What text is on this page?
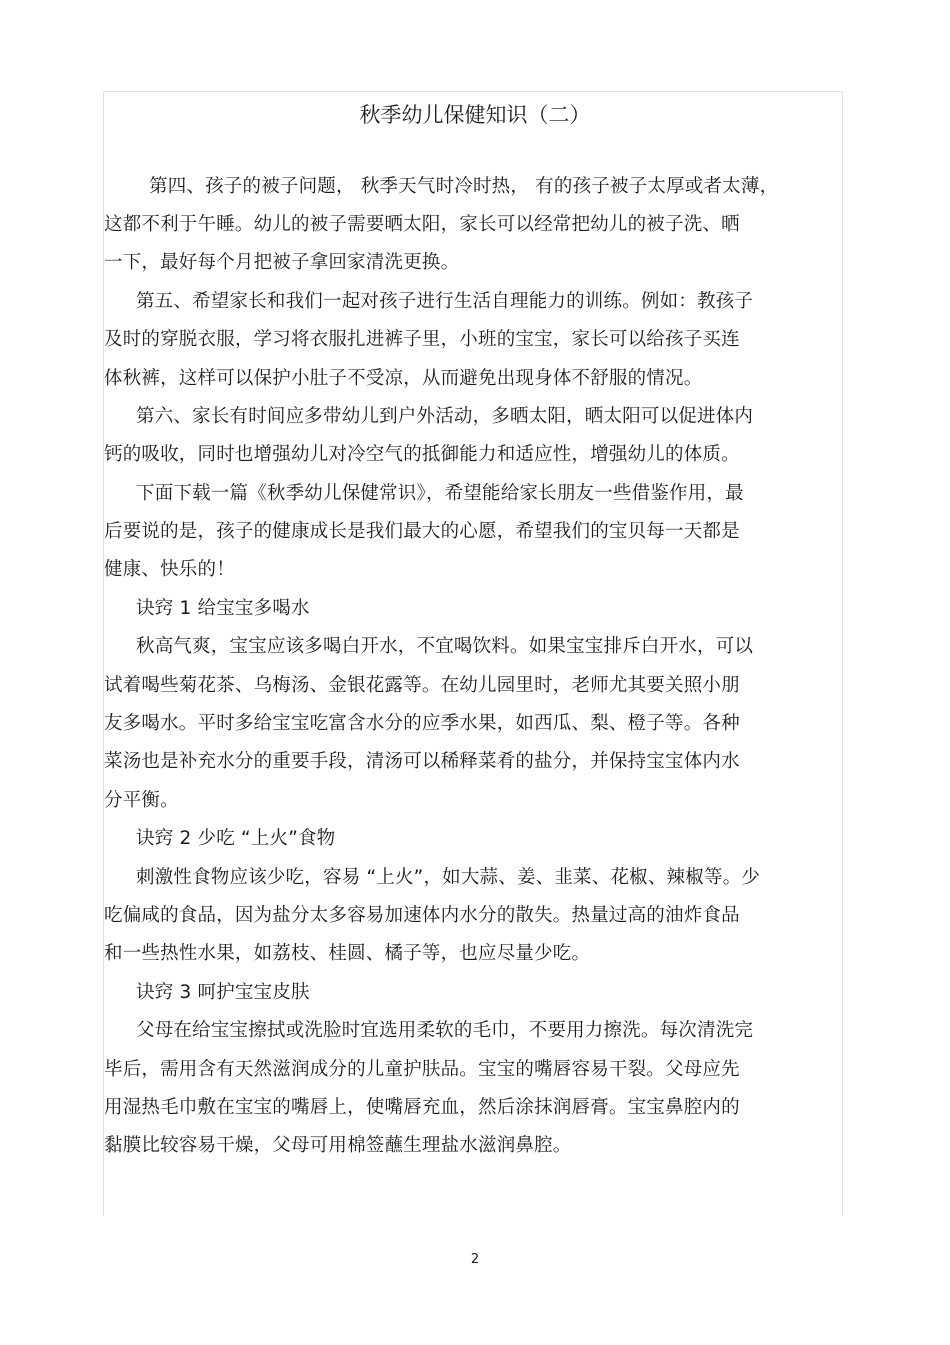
秋季幼儿保健知识（二）
第四、孩子的被子问题， 秋季天气时冷时热， 有的孩子被子太厚或者太薄，
这都不利于午睡。幼儿的被子需要晒太阳，家长可以经常把幼儿的被子洗、晒
一下，最好每个月把被子拿回家清洗更换。
第五、希望家长和我们一起对孩子进行生活自理能力的训练。例如：教孩子
及时的穿脱衣服，学习将衣服扎进裤子里，小班的宝宝，家长可以给孩子买连
体秋裤，这样可以保护小肚子不受凉，从而避免出现身体不舒服的情况。
第六、家长有时间应多带幼儿到户外活动，多晒太阳，晒太阳可以促进体内
钙的吸收，同时也增强幼儿对冷空气的抵御能力和适应性，增强幼儿的体质。
下面下载一篇《秋季幼儿保健常识》，希望能给家长朋友一些借鉴作用，最
后要说的是，孩子的健康成长是我们最大的心愿，希望我们的宝贝每一天都是
健康、快乐的！
诀窍 1 给宝宝多喝水
秋高气爽，宝宝应该多喝白开水，不宜喝饮料。如果宝宝排斥白开水，可以
试着喝些菊花茶、乌梅汤、金银花露等。在幼儿园里时，老师尤其要关照小朋
友多喝水。平时多给宝宝吃富含水分的应季水果，如西瓜、梨、橙子等。各种
菜汤也是补充水分的重要手段，清汤可以稀释菜肴的盐分，并保持宝宝体内水
分平衡。
诀窍 2 少吃 “上火”食物
刺激性食物应该少吃，容易 “上火”，如大蒜、姜、韭菜、花椒、辣椒等。少
吃偏咸的食品，因为盐分太多容易加速体内水分的散失。热量过高的油炸食品
和一些热性水果，如荔枝、桂圆、橘子等，也应尽量少吃。
诀窍 3 呵护宝宝皮肤
父母在给宝宝擦拭或洗脸时宜选用柔软的毛巾，不要用力擦洗。每次清洗完
毕后，需用含有天然滋润成分的儿童护肤品。宝宝的嘴唇容易干裂。父母应先
用湿热毛巾敷在宝宝的嘴唇上，使嘴唇充血，然后涂抹润唇膏。宝宝鼻腔内的
黏膜比较容易干燥，父母可用棉签蘸生理盐水滋润鼻腔。
2
